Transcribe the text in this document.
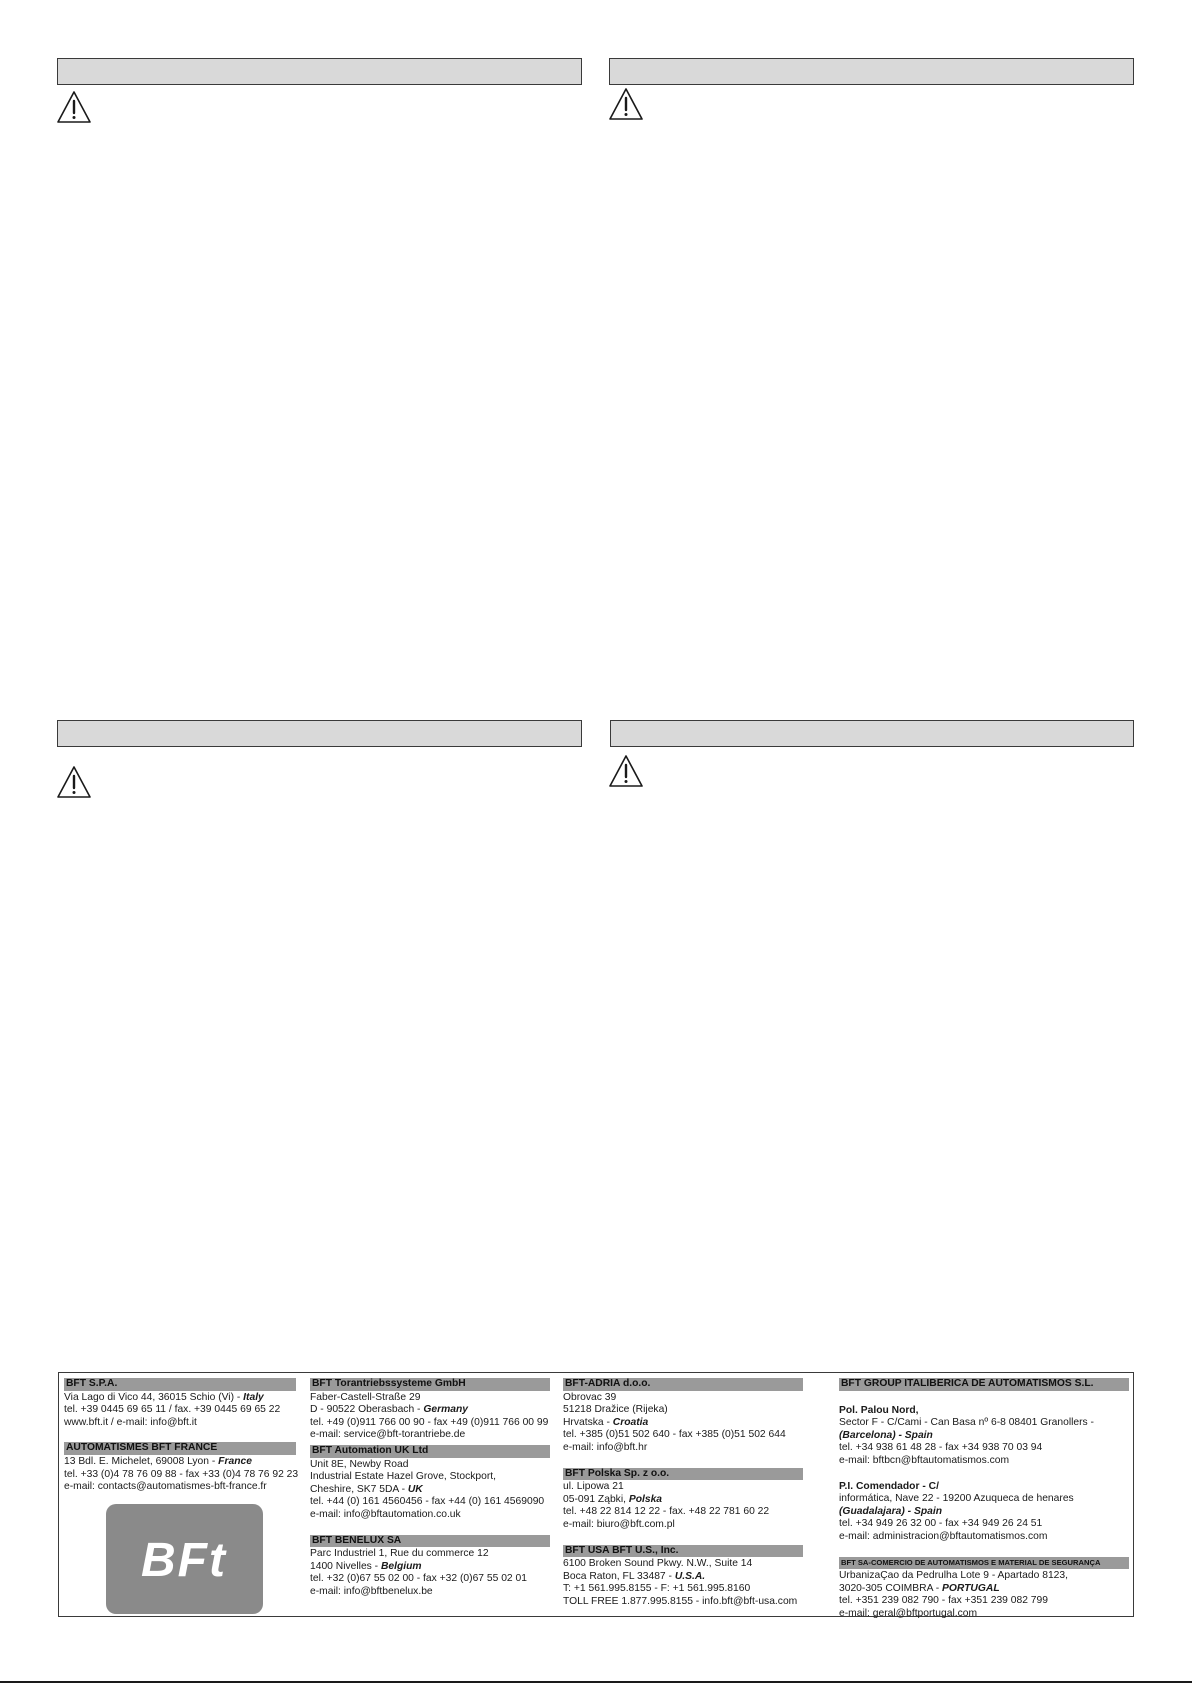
BFT S.P.A.
Via Lago di Vico 44, 36015 Schio (Vi) - Italy
tel. +39 0445 69 65 11 / fax. +39 0445 69 65 22
www.bft.it / e-mail: info@bft.it
AUTOMATISMES BFT FRANCE
13 Bdl. E. Michelet, 69008 Lyon - France
tel. +33 (0)4 78 76 09 88 - fax +33 (0)4 78 76 92 23
e-mail: contacts@automatismes-bft-france.fr
BFt
BFT Torantriebssysteme GmbH
Faber-Castell-Straße 29
D - 90522 Oberasbach - Germany
tel. +49 (0)911 766 00 90 - fax +49 (0)911 766 00 99
e-mail: service@bft-torantriebe.de
BFT Automation UK Ltd
Unit 8E, Newby Road
Industrial Estate Hazel Grove, Stockport,
Cheshire, SK7 5DA - UK
tel. +44 (0) 161 4560456 - fax +44 (0) 161 4569090
e-mail: info@bftautomation.co.uk
BFT BENELUX SA
Parc Industriel 1, Rue du commerce 12
1400 Nivelles - Belgium
tel. +32 (0)67 55 02 00 - fax +32 (0)67 55 02 01
e-mail: info@bftbenelux.be
BFT-ADRIA d.o.o.
Obrovac 39
51218 Dražice (Rijeka)
Hrvatska - Croatia
tel. +385 (0)51 502 640 - fax +385 (0)51 502 644
e-mail: info@bft.hr
BFT Polska Sp. z o.o.
ul. Lipowa 21
05-091 Ząbki, Polska
tel. +48 22 814 12 22 - fax. +48 22 781 60 22
e-mail: biuro@bft.com.pl
BFT USA BFT U.S., Inc.
6100 Broken Sound Pkwy. N.W., Suite 14
Boca Raton, FL 33487 - U.S.A.
T: +1 561.995.8155 - F: +1 561.995.8160
TOLL FREE 1.877.995.8155 - info.bft@bft-usa.com
BFT GROUP ITALIBERICA DE AUTOMATISMOS S.L.
Pol. Palou Nord,
Sector F - C/Cami - Can Basa nº 6-8 08401 Granollers -
(Barcelona) - Spain
tel. +34 938 61 48 28 - fax +34 938 70 03 94
e-mail: bftbcn@bftautomatismos.com
P.I. Comendador - C/
informática, Nave 22 - 19200 Azuqueca de henares
(Guadalajara) - Spain
tel. +34 949 26 32 00 - fax +34 949 26 24 51
e-mail: administracion@bftautomatismos.com
BFT SA-COMERCIO DE AUTOMATISMOS E MATERIAL DE SEGURANÇA
UrbanizaÇao da Pedrulha Lote 9 - Apartado 8123,
3020-305 COIMBRA - PORTUGAL
tel. +351 239 082 790 - fax +351 239 082 799
e-mail: geral@bftportugal.com
